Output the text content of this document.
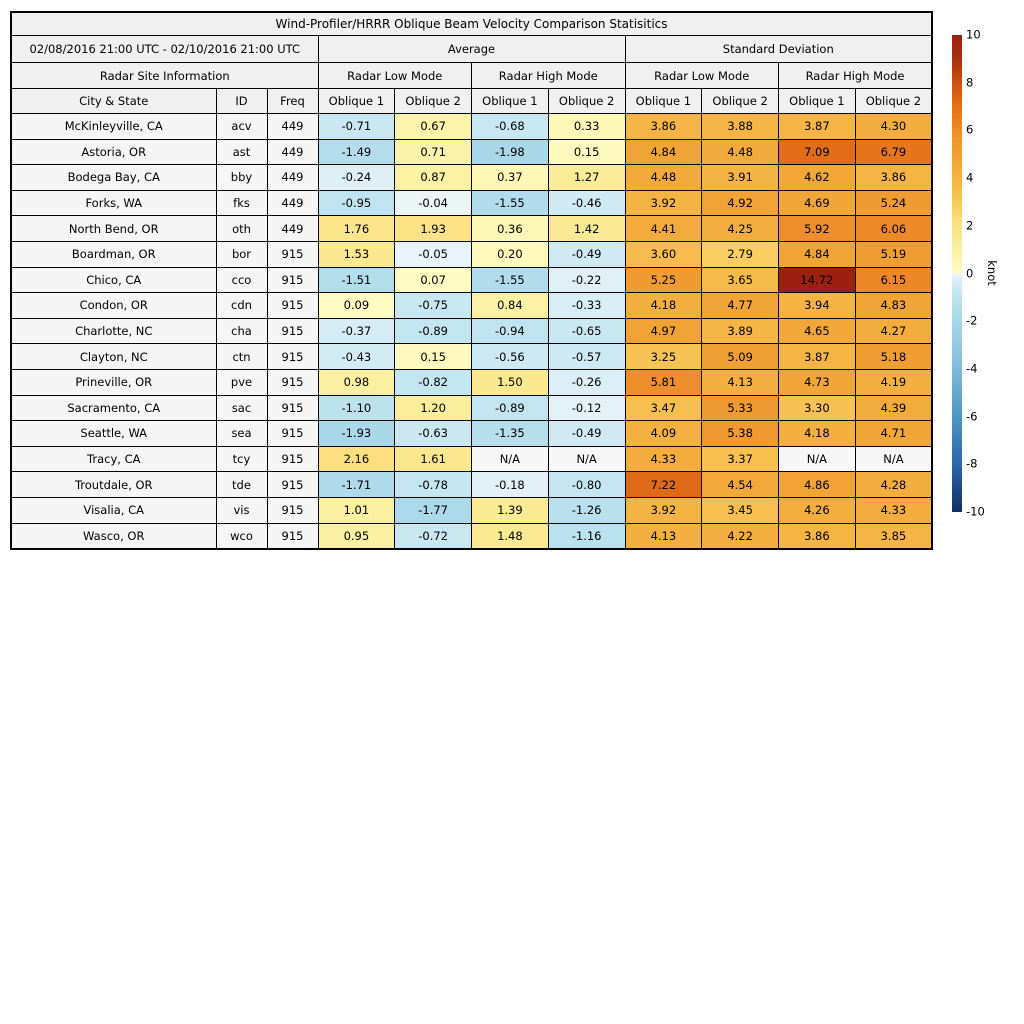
Wind-Profiler/HRRR Oblique Beam Velocity Comparison Statisitics										
02/08/2016 21:00 UTC - 02/10/2016 21:00 UTC			Average				Standard Deviation			
Radar Site Information			Radar Low Mode		Radar High Mode		Radar Low Mode		Radar High Mode	
City & State	ID	Freq	Oblique 1	Oblique 2	Oblique 1	Oblique 2	Oblique 1	Oblique 2	Oblique 1	Oblique 2
McKinleyville, CA	acv	449	-0.71	0.67	-0.68	0.33	3.86	3.88	3.87	4.30
Astoria, OR	ast	449	-1.49	0.71	-1.98	0.15	4.84	4.48	7.09	6.79
Bodega Bay, CA	bby	449	-0.24	0.87	0.37	1.27	4.48	3.91	4.62	3.86
Forks, WA	fks	449	-0.95	-0.04	-1.55	-0.46	3.92	4.92	4.69	5.24
North Bend, OR	oth	449	1.76	1.93	0.36	1.42	4.41	4.25	5.92	6.06
Boardman, OR	bor	915	1.53	-0.05	0.20	-0.49	3.60	2.79	4.84	5.19
Chico, CA	cco	915	-1.51	0.07	-1.55	-0.22	5.25	3.65	14.72	6.15
Condon, OR	cdn	915	0.09	-0.75	0.84	-0.33	4.18	4.77	3.94	4.83
Charlotte, NC	cha	915	-0.37	-0.89	-0.94	-0.65	4.97	3.89	4.65	4.27
Clayton, NC	ctn	915	-0.43	0.15	-0.56	-0.57	3.25	5.09	3.87	5.18
Prineville, OR	pve	915	0.98	-0.82	1.50	-0.26	5.81	4.13	4.73	4.19
Sacramento, CA	sac	915	-1.10	1.20	-0.89	-0.12	3.47	5.33	3.30	4.39
Seattle, WA	sea	915	-1.93	-0.63	-1.35	-0.49	4.09	5.38	4.18	4.71
Tracy, CA	tcy	915	2.16	1.61	N/A	N/A	4.33	3.37	N/A	N/A
Troutdale, OR	tde	915	-1.71	-0.78	-0.18	-0.80	7.22	4.54	4.86	4.28
Visalia, CA	vis	915	1.01	-1.77	1.39	-1.26	3.92	3.45	4.26	4.33
Wasco, OR	wco	915	0.95	-0.72	1.48	-1.16	4.13	4.22	3.86	3.85
10
8
6
4
2
0
-2
-4
-6
-8
-10
knot
